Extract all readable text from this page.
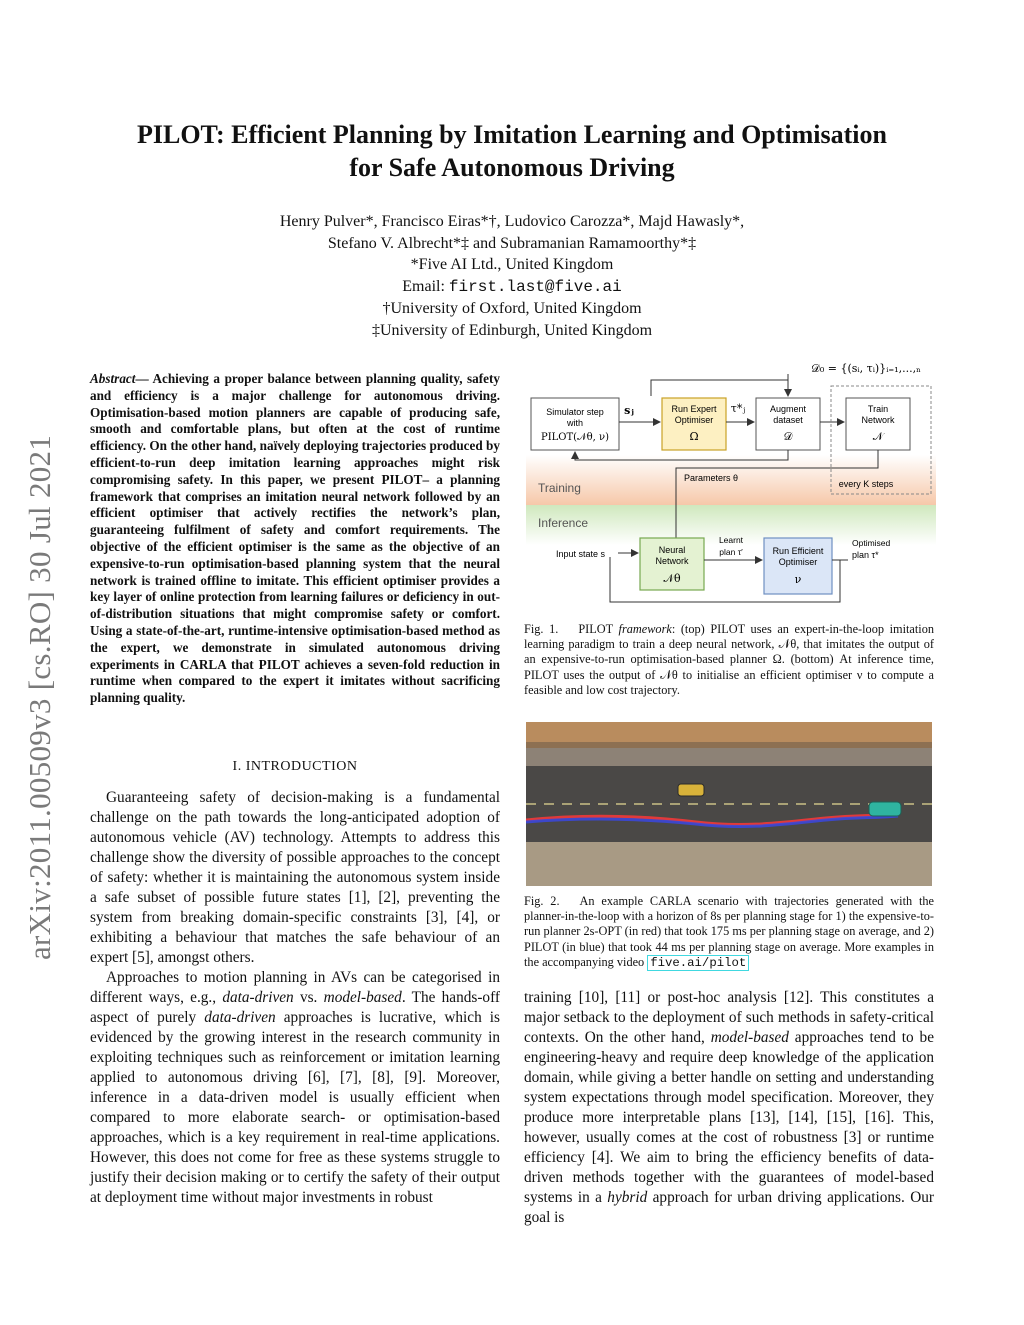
arXiv:2011.00509v3 [cs.RO] 30 Jul 2021
PILOT: Efficient Planning by Imitation Learning and Optimisation
for Safe Autonomous Driving
Henry Pulver*, Francisco Eiras*†, Ludovico Carozza*, Majd Hawasly*,
Stefano V. Albrecht*‡ and Subramanian Ramamoorthy*‡
*Five AI Ltd., United Kingdom
Email: first.last@five.ai
†University of Oxford, United Kingdom
‡University of Edinburgh, United Kingdom
Abstract— Achieving a proper balance between planning quality, safety and efficiency is a major challenge for autonomous driving. Optimisation-based motion planners are capable of producing safe, smooth and comfortable plans, but often at the cost of runtime efficiency. On the other hand, naïvely deploying trajectories produced by efficient-to-run deep imitation learning approaches might risk compromising safety. In this paper, we present PILOT– a planning framework that comprises an imitation neural network followed by an efficient optimiser that actively rectifies the network’s plan, guaranteeing fulfilment of safety and comfort requirements. The objective of the efficient optimiser is the same as the objective of an expensive-to-run optimisation-based planning system that the neural network is trained offline to imitate. This efficient optimiser provides a key layer of online protection from learning failures or deficiency in out-of-distribution situations that might compromise safety or comfort. Using a state-of-the-art, runtime-intensive optimisation-based method as the expert, we demonstrate in simulated autonomous driving experiments in CARLA that PILOT achieves a seven-fold reduction in runtime when compared to the expert it imitates without sacrificing planning quality.
I. INTRODUCTION

Guaranteeing safety of decision-making is a fundamental challenge on the path towards the long-anticipated adoption of autonomous vehicle (AV) technology. Attempts to address this challenge show the diversity of possible approaches to the concept of safety: whether it is maintaining the autonomous system inside a safe subset of possible future states [1], [2], preventing the system from breaking domain-specific constraints [3], [4], or exhibiting a behaviour that matches the safe behaviour of an expert [5], amongst others.

Approaches to motion planning in AVs can be categorised in different ways, e.g., data-driven vs. model-based. The hands-off aspect of purely data-driven approaches is lucrative, which is evidenced by the growing interest in the research community in exploiting techniques such as reinforcement or imitation learning applied to autonomous driving [6], [7], [8], [9]. Moreover, inference in a data-driven model is usually efficient when compared to more elaborate search- or optimisation-based approaches, which is a key requirement in real-time applications. However, this does not come for free as these systems struggle to justify their decision making or to certify the safety of their output at deployment time without major investments in robust

𝒟₀ = {(sᵢ, τᵢ)}ᵢ₌₁,...,ₙ
Simulator step
with
PILOT(𝒩θ, ν)
sⱼ	Run Expert
Optimiser
Ω
τ*ⱼ	Augment
dataset
𝒟
Train
Network
𝒩
every K steps
Parameters θ
Training
Inference
Input state s	Neural
Network
𝒩θ
Learnt
plan τ′	Run Efficient
Optimiser
ν
Optimised
plan τ*
Fig. 1. PILOT framework: (top) PILOT uses an expert-in-the-loop imitation learning paradigm to train a deep neural network, 𝒩θ, that imitates the output of an expensive-to-run optimisation-based planner Ω. (bottom) At inference time, PILOT uses the output of 𝒩θ to initialise an efficient optimiser ν to compute a feasible and low cost trajectory.
Fig. 2. An example CARLA scenario with trajectories generated with the planner-in-the-loop with a horizon of 8s per planning stage for 1) the expensive-to-run planner 2s-OPT (in red) that took 175 ms per planning stage on average, and 2) PILOT (in blue) that took 44 ms per planning stage on average. More examples in the accompanying video five.ai/pilot

training [10], [11] or post-hoc analysis [12]. This constitutes a major setback to the deployment of such methods in safety-critical contexts. On the other hand, model-based approaches tend to be engineering-heavy and require deep knowledge of the application domain, while giving a better handle on setting and understanding system expectations through model specification. Moreover, they produce more interpretable plans [13], [14], [15], [16]. This, however, usually comes at the cost of robustness [3] or runtime efficiency [4]. We aim to bring the efficiency benefits of data-driven methods together with the guarantees of model-based systems in a hybrid approach for urban driving applications. Our goal is
